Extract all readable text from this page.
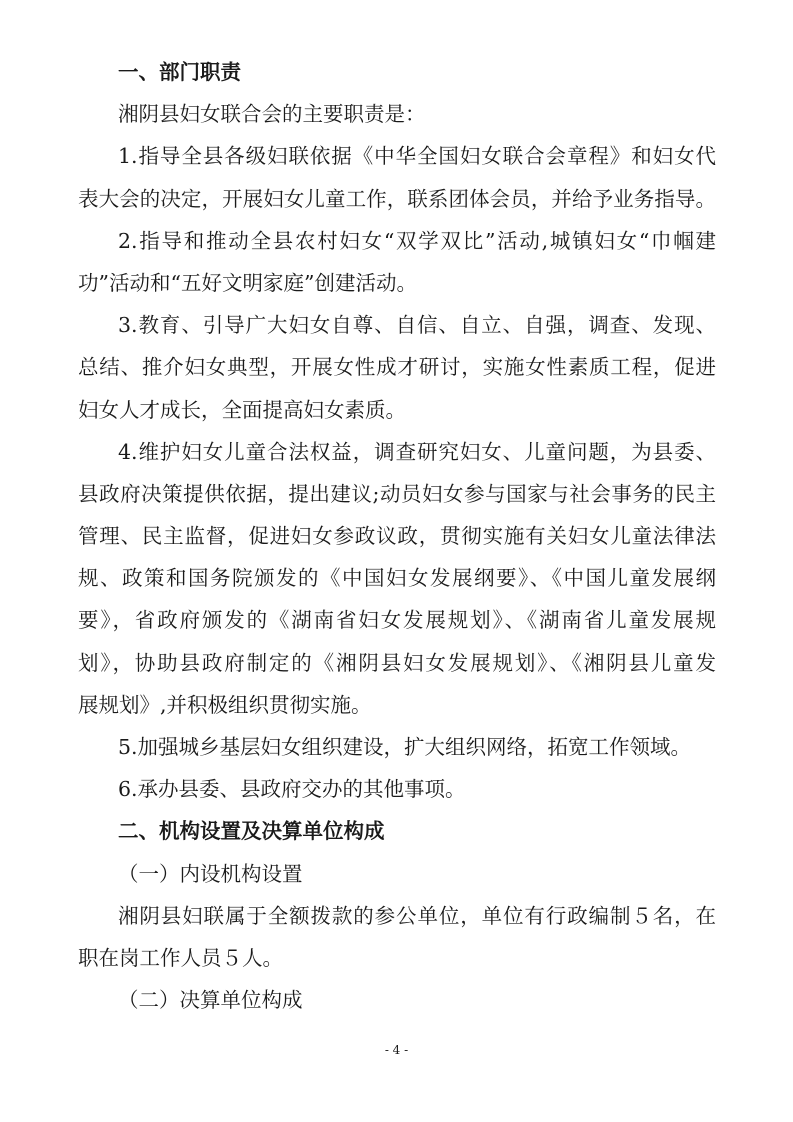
一、部门职责
湘阴县妇女联合会的主要职责是：
1.指导全县各级妇联依据《中华全国妇女联合会章程》和妇女代
表大会的决定，开展妇女儿童工作，联系团体会员，并给予业务指导。
2.指导和推动全县农村妇女“双学双比”活动,城镇妇女“巾帼建
功”活动和“五好文明家庭”创建活动。
3.教育、引导广大妇女自尊、自信、自立、自强，调查、发现、
总结、推介妇女典型，开展女性成才研讨，实施女性素质工程，促进
妇女人才成长，全面提高妇女素质。
4.维护妇女儿童合法权益，调查研究妇女、儿童问题，为县委、
县政府决策提供依据，提出建议;动员妇女参与国家与社会事务的民主
管理、民主监督，促进妇女参政议政，贯彻实施有关妇女儿童法律法
规、政策和国务院颁发的《中国妇女发展纲要》、《中国儿童发展纲
要》，省政府颁发的《湖南省妇女发展规划》、《湖南省儿童发展规
划》，协助县政府制定的《湘阴县妇女发展规划》、《湘阴县儿童发
展规划》,并积极组织贯彻实施。
5.加强城乡基层妇女组织建设，扩大组织网络，拓宽工作领域。
6.承办县委、县政府交办的其他事项。
二、机构设置及决算单位构成
（一）内设机构设置
湘阴县妇联属于全额拨款的参公单位，单位有行政编制５名，在
职在岗工作人员５人。
（二）决算单位构成
- 4 -
